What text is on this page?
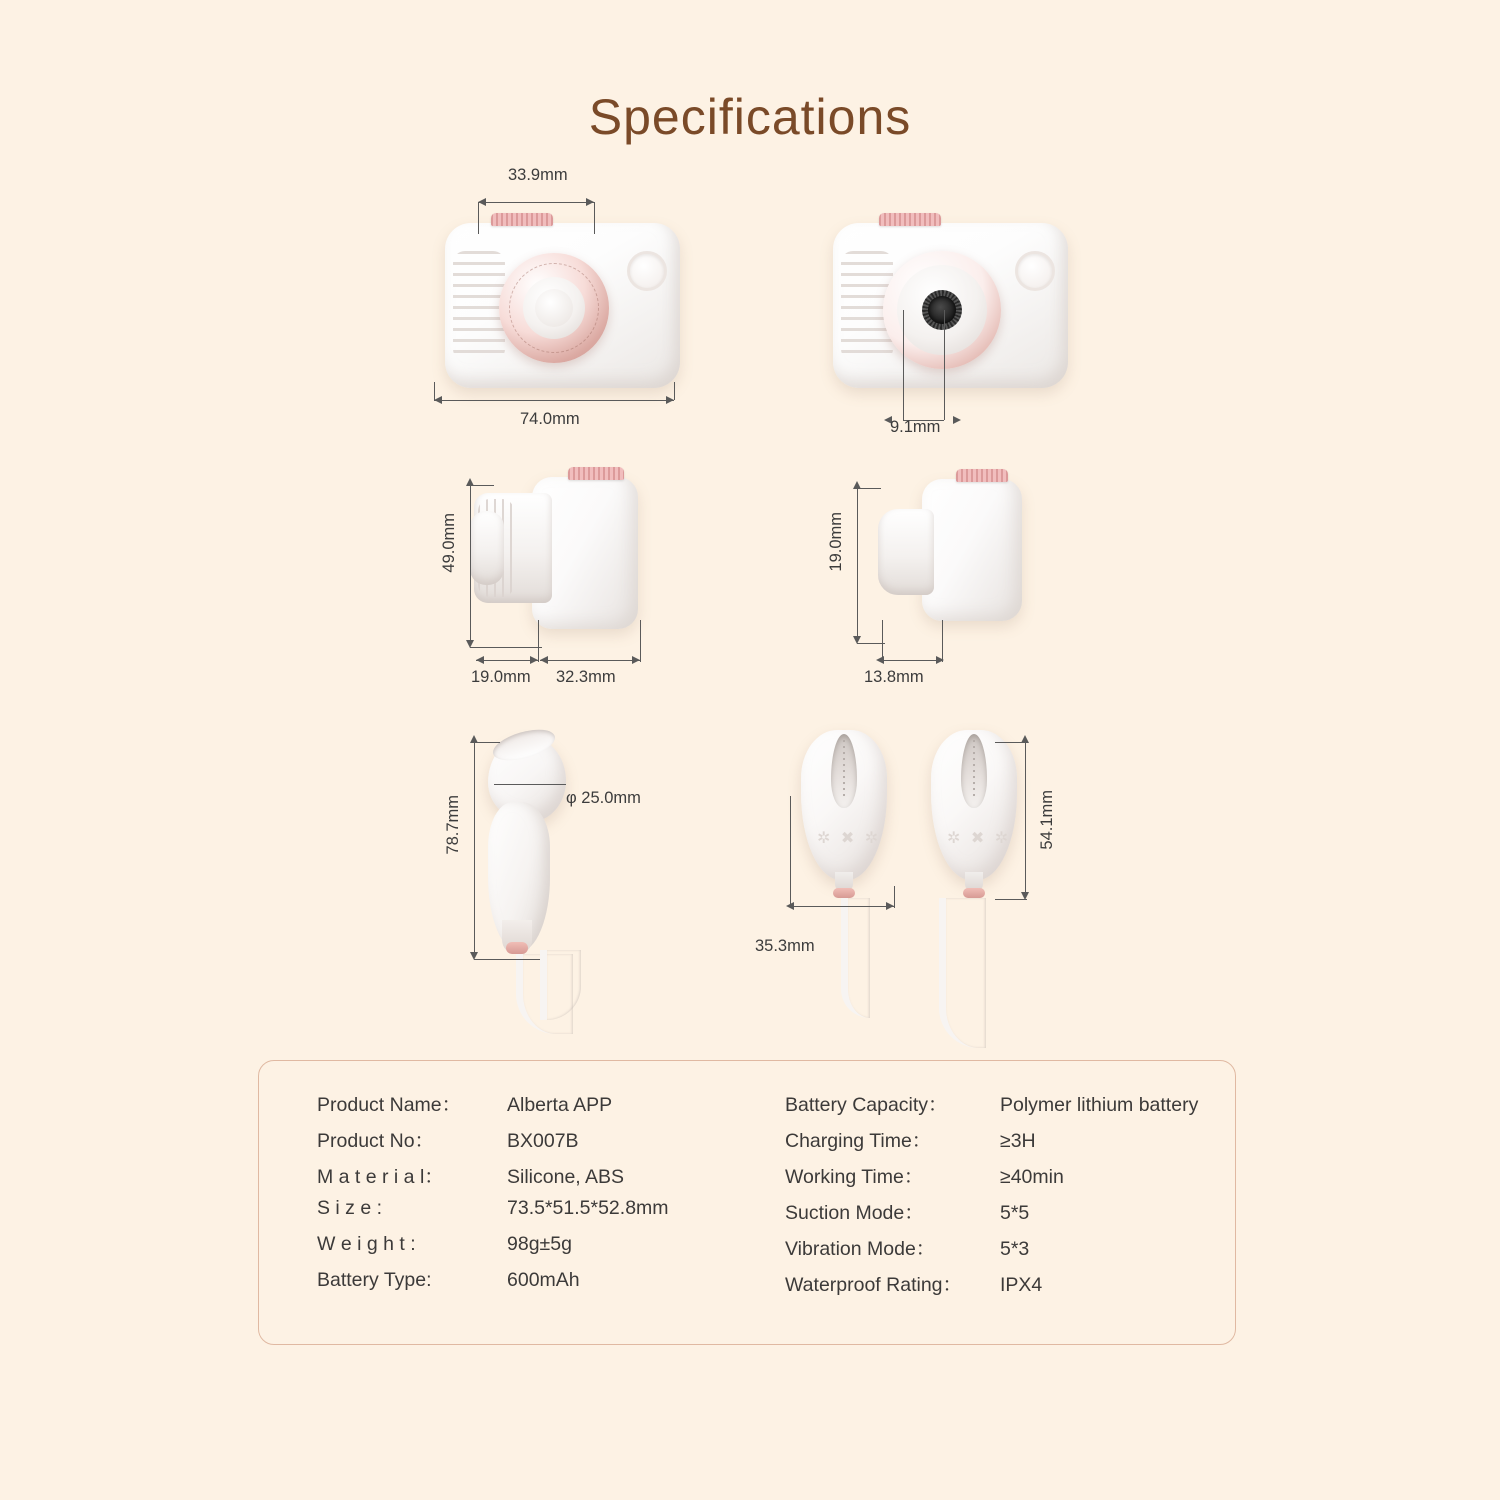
Specifications
33.9mm
74.0mm	9.1mm
49.0mm
19.0mm 32.3mm
19.0mm
13.8mm
78.7mm	φ 25.0mm
✲ ✖ ✲	✲ ✖ ✲ 54.1mm
35.3mm
Product Name：	Alberta APP
Product No：	BX007B
M a t e r i a l：	Silicone, ABS
S i z e :	73.5*51.5*52.8mm
W e i g h t :	98g±5g
Battery Type:	600mAh
Battery Capacity：	Polymer lithium battery
Charging Time：	≥3H
Working Time：	≥40min
Suction Mode：	5*5
Vibration Mode：	5*3
Waterproof Rating：	IPX4
